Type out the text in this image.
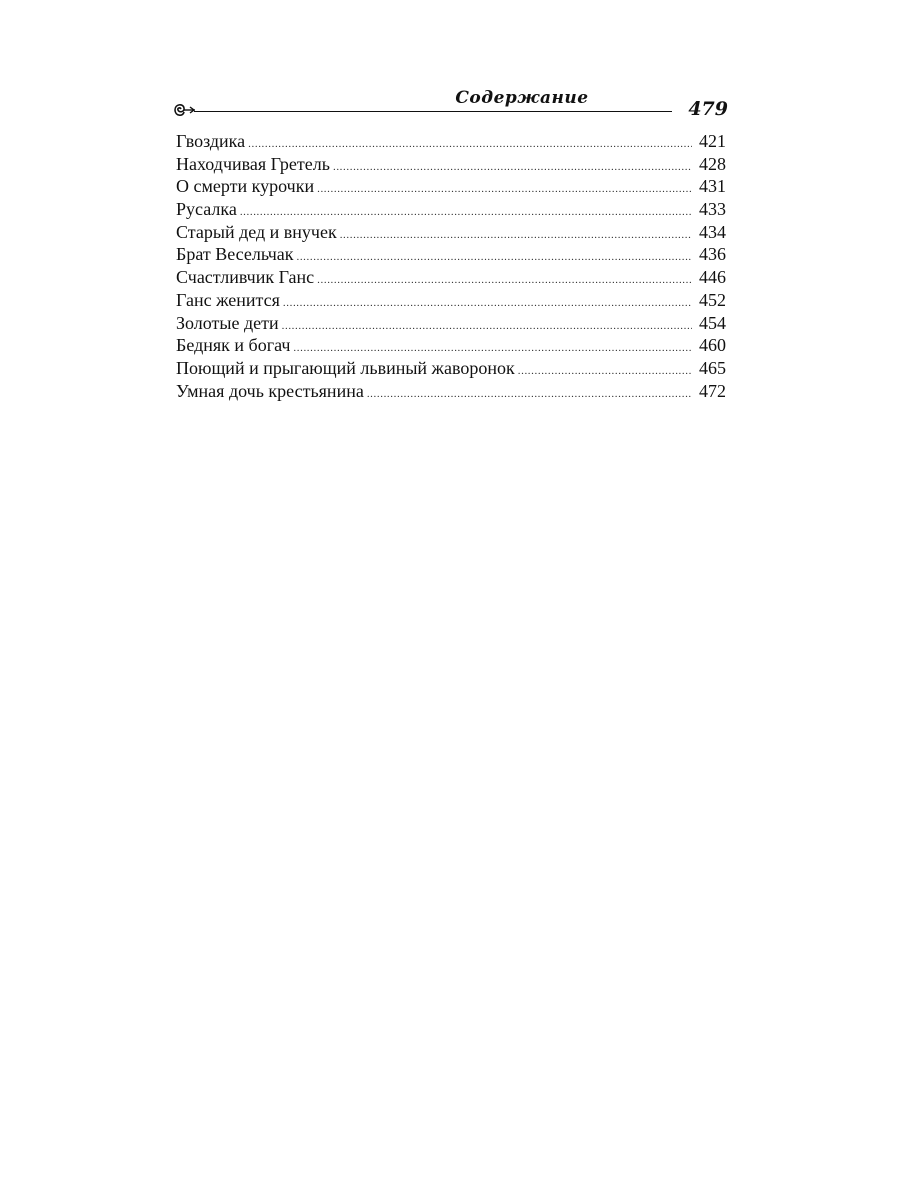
Содержание	479
Гвоздика .....	421
Находчивая Гретель .....	428
О смерти курочки .....	431
Русалка .....	433
Старый дед и внучек .....	434
Брат Весельчак .....	436
Счастливчик Ганс .....	446
Ганс женится .....	452
Золотые дети .....	454
Бедняк и богач .....	460
Поющий и прыгающий львиный жаворонок .....	465
Умная дочь крестьянина .....	472
